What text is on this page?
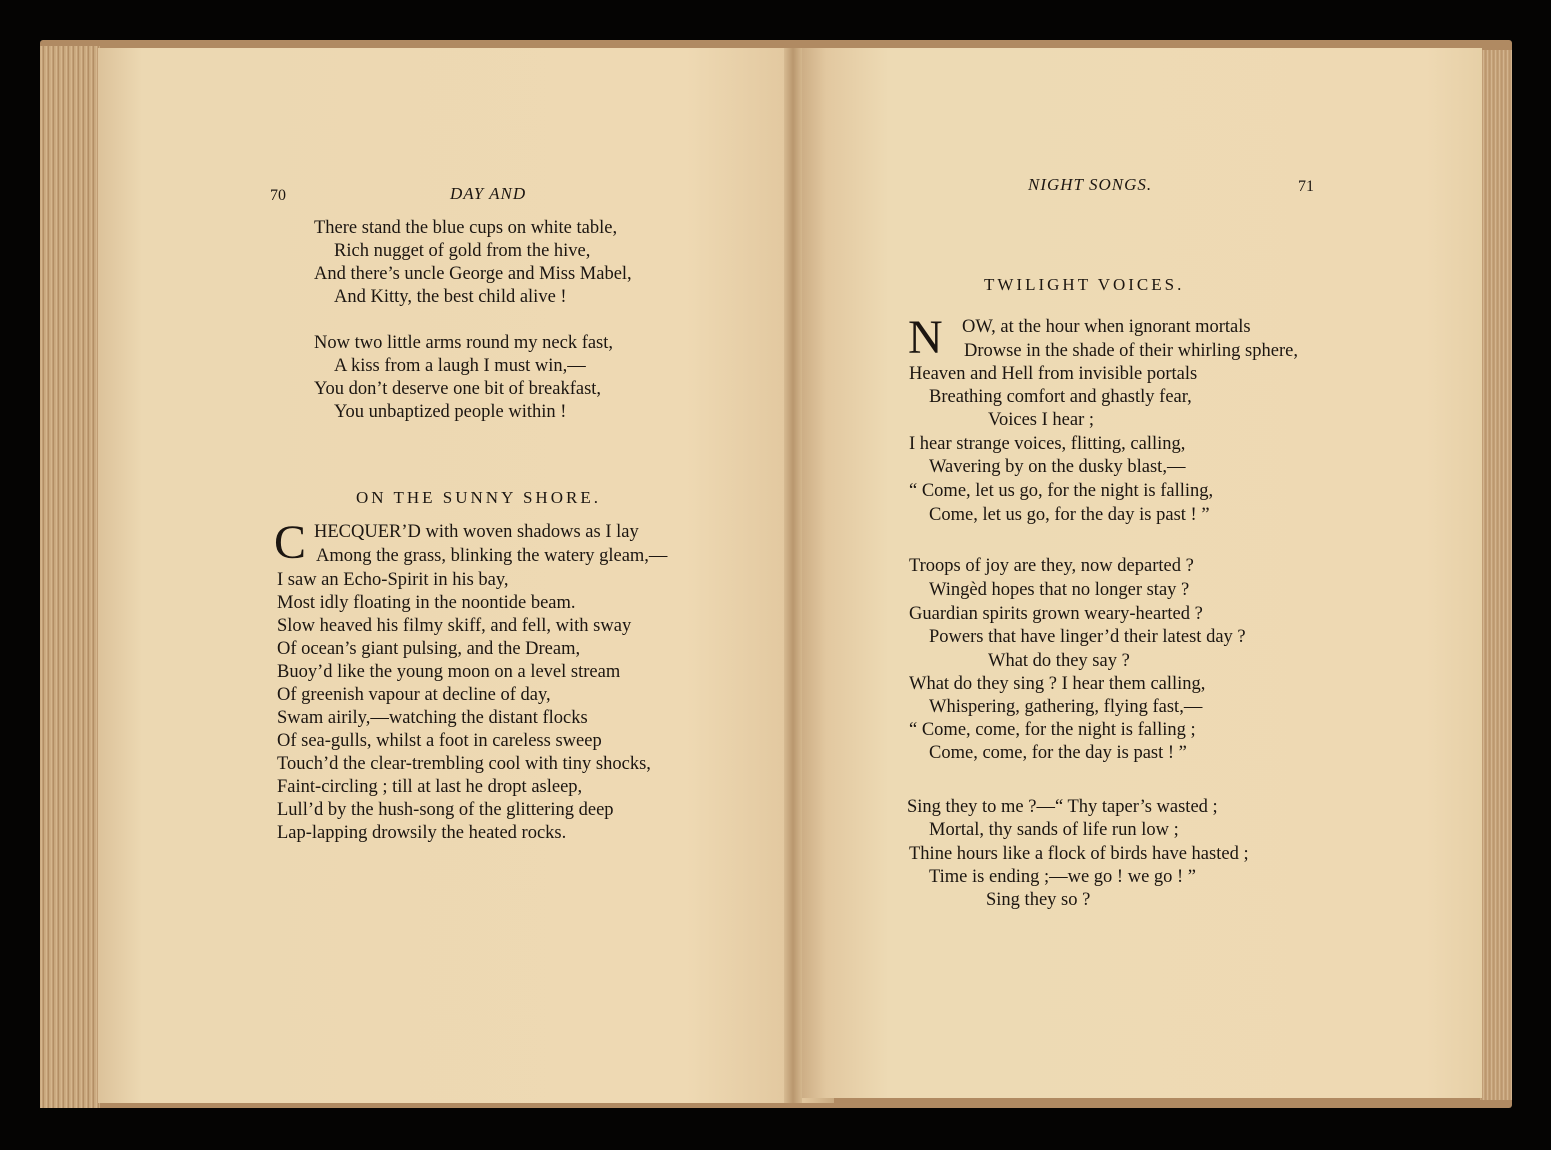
70	DAY AND
There stand the blue cups on white table,
Rich nugget of gold from the hive,
And there’s uncle George and Miss Mabel,
And Kitty, the best child alive !
Now two little arms round my neck fast,
A kiss from a laugh I must win,—
You don’t deserve one bit of breakfast,
You unbaptized people within !
ON THE SUNNY SHORE.
C HECQUER’D with woven shadows as I lay
Among the grass, blinking the watery gleam,—
I saw an Echo-Spirit in his bay,
Most idly floating in the noontide beam.
Slow heaved his filmy skiff, and fell, with sway
Of ocean’s giant pulsing, and the Dream,
Buoy’d like the young moon on a level stream
Of greenish vapour at decline of day,
Swam airily,—watching the distant flocks
Of sea-gulls, whilst a foot in careless sweep
Touch’d the clear-trembling cool with tiny shocks,
Faint-circling ; till at last he dropt asleep,
Lull’d by the hush-song of the glittering deep
Lap-lapping drowsily the heated rocks.
NIGHT SONGS.	71
TWILIGHT VOICES.
N OW, at the hour when ignorant mortals
Drowse in the shade of their whirling sphere,
Heaven and Hell from invisible portals
Breathing comfort and ghastly fear,
Voices I hear ;
I hear strange voices, flitting, calling,
Wavering by on the dusky blast,—
“ Come, let us go, for the night is falling,
Come, let us go, for the day is past ! ”
Troops of joy are they, now departed ?
Wingèd hopes that no longer stay ?
Guardian spirits grown weary-hearted ?
Powers that have linger’d their latest day ?
What do they say ?
What do they sing ? I hear them calling,
Whispering, gathering, flying fast,—
“ Come, come, for the night is falling ;
Come, come, for the day is past ! ”
Sing they to me ?—“ Thy taper’s wasted ;
Mortal, thy sands of life run low ;
Thine hours like a flock of birds have hasted ;
Time is ending ;—we go ! we go ! ”
Sing they so ?
